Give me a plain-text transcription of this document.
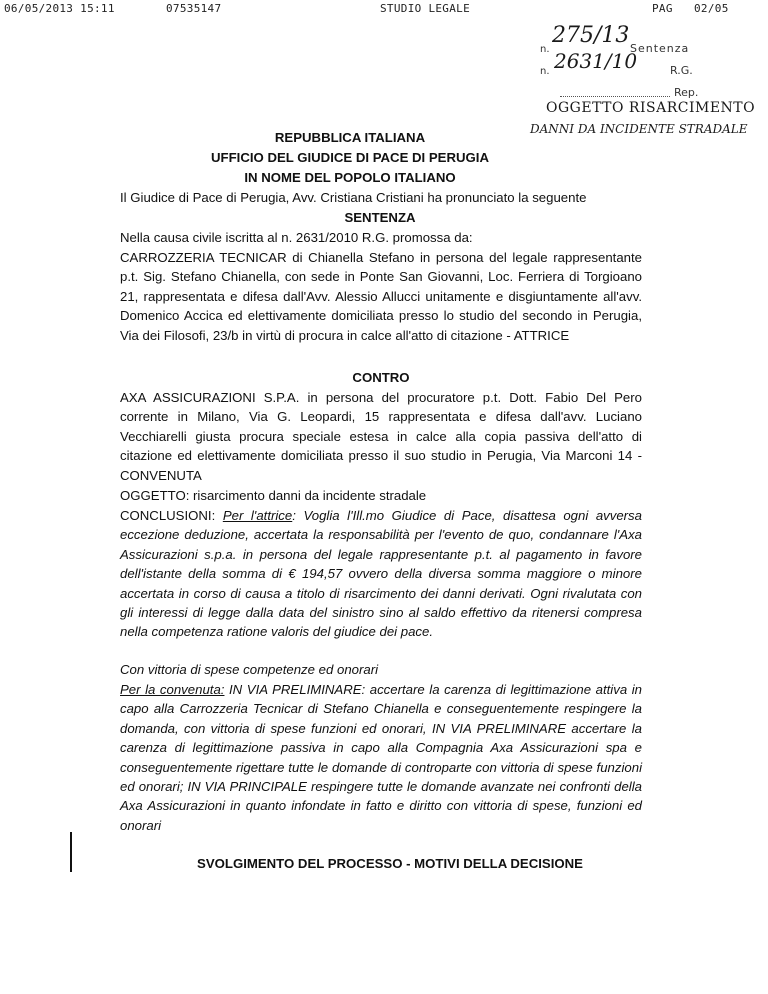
06/05/2013 15:11	07535147	STUDIO LEGALE	PAG 02/05
n.
275/13
Sentenza
n. 2631/10	R.G.
Rep.
OGGETTO RISARCIMENTO
DANNI DA INCIDENTE STRADALE
REPUBBLICA ITALIANA
UFFICIO DEL GIUDICE DI PACE DI PERUGIA
IN NOME DEL POPOLO ITALIANO
Il Giudice di Pace di Perugia, Avv. Cristiana Cristiani ha pronunciato la seguente
SENTENZA
Nella causa civile iscritta al n. 2631/2010 R.G. promossa da:
CARROZZERIA TECNICAR di Chianella Stefano in persona del legale rappresentante p.t. Sig. Stefano Chianella, con sede in Ponte San Giovanni, Loc. Ferriera di Torgioano 21, rappresentata e difesa dall'Avv. Alessio Allucci unitamente e disgiuntamente all'avv. Domenico Accica ed elettivamente domiciliata presso lo studio del secondo in Perugia, Via dei Filosofi, 23/b in virtù di procura in calce all'atto di citazione - ATTRICE
CONTRO
AXA ASSICURAZIONI S.P.A. in persona del procuratore p.t. Dott. Fabio Del Pero corrente in Milano, Via G. Leopardi, 15 rappresentata e difesa dall'avv. Luciano Vecchiarelli giusta procura speciale estesa in calce alla copia passiva dell'atto di citazione ed elettivamente domiciliata presso il suo studio in Perugia, Via Marconi 14 - CONVENUTA
OGGETTO: risarcimento danni da incidente stradale
CONCLUSIONI: Per l'attrice: Voglia l'Ill.mo Giudice di Pace, disattesa ogni avversa eccezione deduzione, accertata la responsabilità per l'evento de quo, condannare l'Axa Assicurazioni s.p.a. in persona del legale rappresentante p.t. al pagamento in favore dell'istante della somma di € 194,57 ovvero della diversa somma maggiore o minore accertata in corso di causa a titolo di risarcimento dei danni derivati. Ogni rivalutata con gli interessi di legge dalla data del sinistro sino al saldo effettivo da ritenersi compresa nella competenza ratione valoris del giudice dei pace.
Con vittoria di spese competenze ed onorari
Per la convenuta: IN VIA PRELIMINARE: accertare la carenza di legittimazione attiva in capo alla Carrozzeria Tecnicar di Stefano Chianella e conseguentemente respingere la domanda, con vittoria di spese funzioni ed onorari, IN VIA PRELIMINARE accertare la carenza di legittimazione passiva in capo alla Compagnia Axa Assicurazioni spa e conseguentemente rigettare tutte le domande di controparte con vittoria di spese funzioni ed onorari; IN VIA PRINCIPALE respingere tutte le domande avanzate nei confronti della Axa Assicurazioni in quanto infondate in fatto e diritto con vittoria di spese, funzioni ed onorari
SVOLGIMENTO DEL PROCESSO - MOTIVI DELLA DECISIONE
